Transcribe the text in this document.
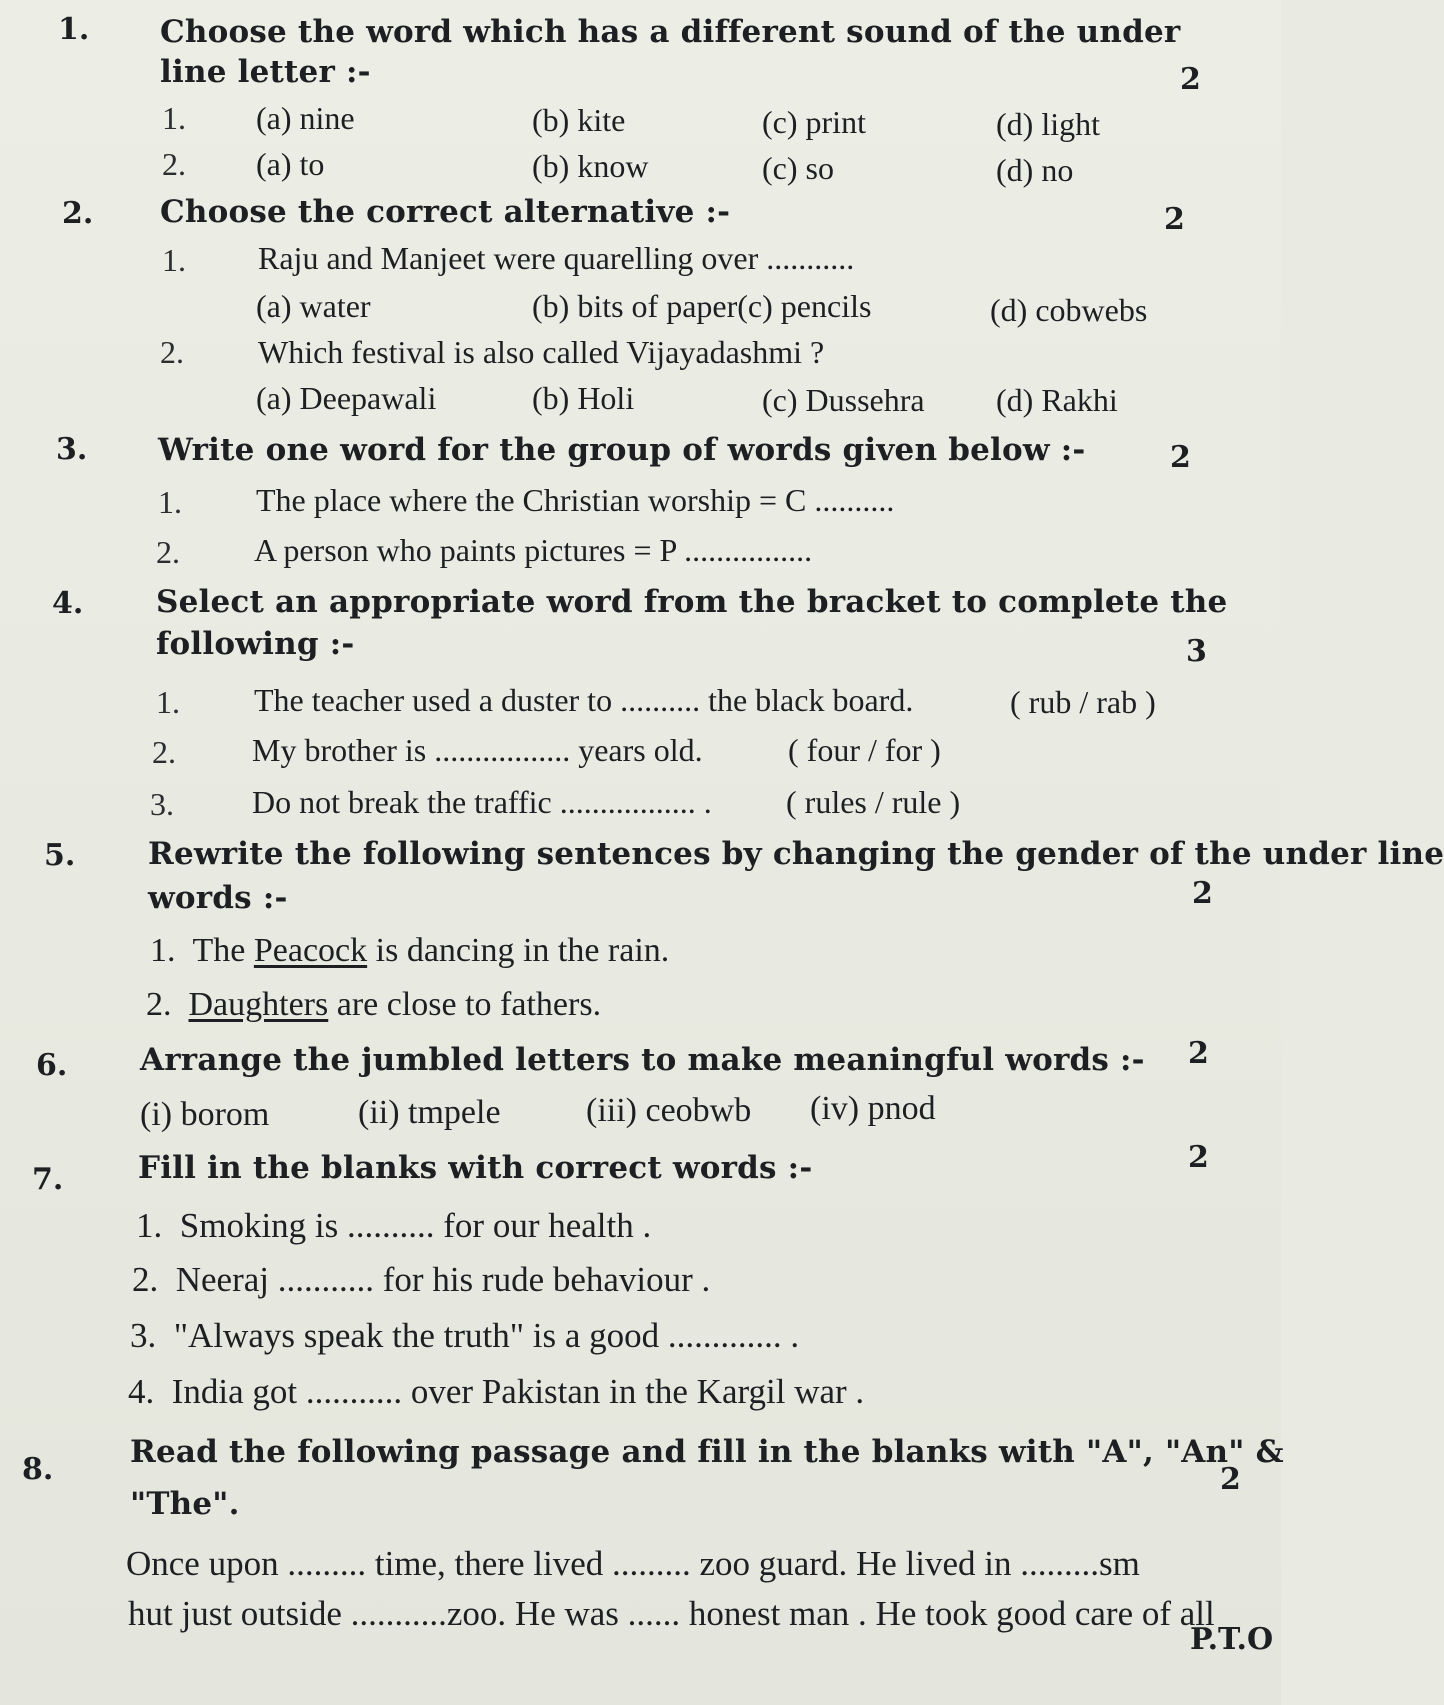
1. Choose the word which has a different sound of the under
line letter :-	2
1. (a) nine	(b) kite	(c) print	(d) light
2. (a) to	(b) know	(c) so	(d) no
2. Choose the correct alternative :-	2
1. Raju and Manjeet were quarelling over ...........
(a) water	(b) bits of paper(c) pencils	(d) cobwebs
2. Which festival is also called Vijayadashmi ?
(a) Deepawali	(b) Holi	(c) Dussehra (d) Rakhi
3. Write one word for the group of words given below :-	2
1. The place where the Christian worship = C ..........
2. A person who paints pictures = P ................
4. Select an appropriate word from the bracket to complete the
following :-	3
1. The teacher used a duster to .......... the black board.	( rub / rab )
2. My brother is ................. years old.	( four / for )
3. Do not break the traffic ................. . ( rules / rule )
5. Rewrite the following sentences by changing the gender of the under line
words :-	2
1. The Peacock is dancing in the rain.
2. Daughters are close to fathers.
6. Arrange the jumbled letters to make meaningful words :- 2
(i) borom	(ii) tmpele	(iii) ceobwb (iv) pnod
7. Fill in the blanks with correct words :-	2
1. Smoking is .......... for our health .
2. Neeraj ........... for his rude behaviour .
3. "Always speak the truth" is a good ............. .
4. India got ........... over Pakistan in the Kargil war .
8. Read the following passage and fill in the blanks with "A", "An" &
"The".
2
Once upon ......... time, there lived ......... zoo guard. He lived in .........sm
hut just outside ...........zoo. He was ...... honest man . He took good care of all
P.T.O
